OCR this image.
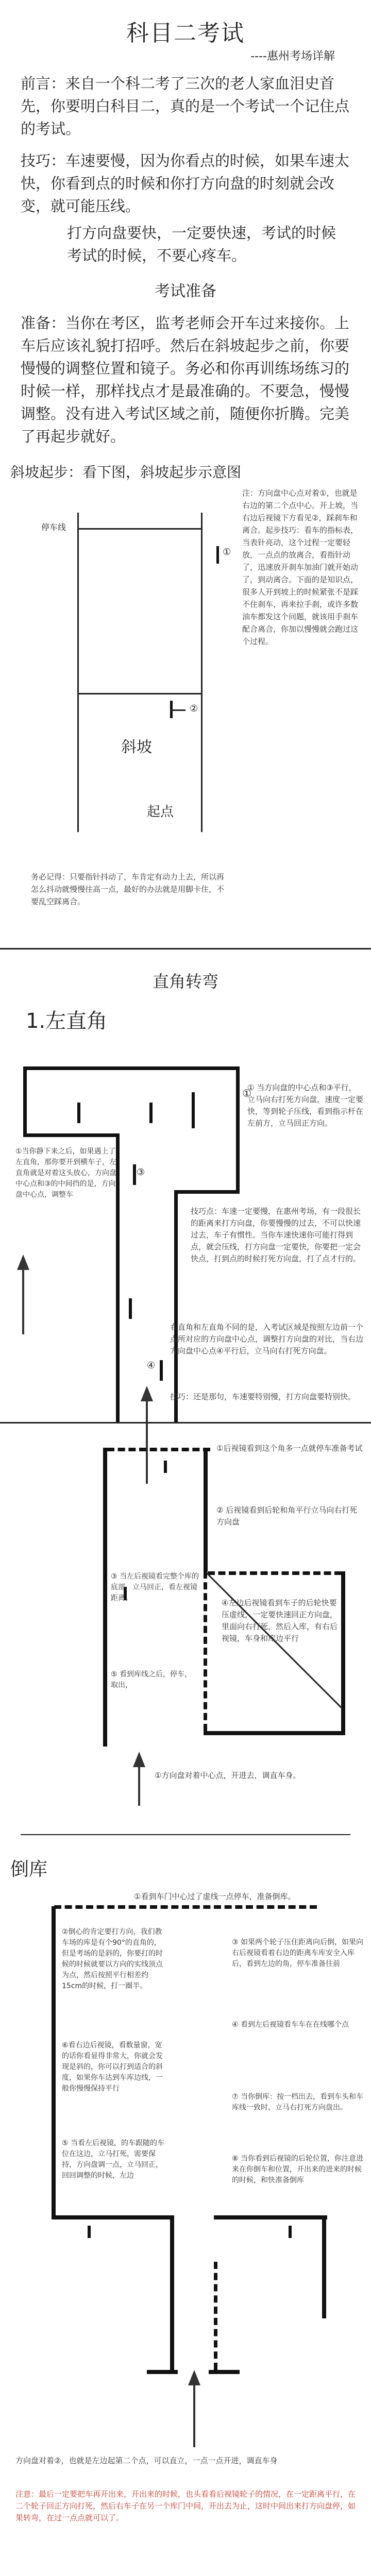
科目二考试
----惠州考场详解
前言：来自一个科二考了三次的老人家血泪史首先，你要明白科目二，真的是一个考试一个记住点的考试。
技巧：车速要慢，因为你看点的时候，如果车速太快，你看到点的时候和你打方向盘的时刻就会改变，就可能压线。
打方向盘要快，一定要快速，考试的时候考试的时候，不要心疼车。
考试准备
准备：当你在考区，监考老师会开车过来接你。上车后应该礼貌打招呼。然后在斜坡起步之前，你要慢慢的调整位置和镜子。务必和你再训练场练习的时候一样，那样找点才是最准确的。不要急，慢慢调整。没有进入考试区域之前，随便你折腾。完美了再起步就好。
斜坡起步：看下图，斜坡起步示意图
停车线
①
②
斜坡
起点
注：方向盘中心点对着①，也就是右边的第二个点中心。开上坡，当右边后视镜下方看见②，踩刹车和离合。起步技巧：看车的指标表，当表针亮动，这个过程一定要轻放，一点点的放离合，看指针动了，迅速放开刹车加油门就开始动了，到动离合。下面的是知识点，很多人开到坡上的时候紧张不是踩不住刹车，再来拉手刹，或许多数油车都发这个问题，就该用手刹车配合离合，你加以慢慢就会跑过这个过程。
务必记得：只要指针抖动了，车肯定有动力上去，所以再怎么抖动就慢慢往高一点，最好的办法就是用脚卡住，不要乱空踩离合。
直角转弯
1.左直角
①
③
④
① 当方向盘的中心点和③平行，立马向右打死方向盘，速度一定要快，等到轮子压线，看到指示杆在左前方，立马回正方向。
①当你静下来之后，如果遇上了左直角，那你要开到横车子，左直角就是对着这头放心，方向盘中心点和③的中间挡的是，方向盘中心点，调整车
技巧点：车速一定要慢，在惠州考场，有一段很长的距离来打方向盘，你要慢慢的过去，不可以快速过去，车子有惯性。当你车速快速你可能打得到点，就会压线，打方向盘一定要快，你要把一定会快点，打到点的时候打死方向盘，打了点才行的。
右直角和左直角不同的是，入考试区域是按照左边前一个点所对应的方向盘中心点，调整打方向盘的对比，当右边方向盘中心点④平行后，立马向右打死方向盘。
技巧：还是那句，车速要特别慢，打方向盘要特别快。
①后视镜看到这个角多一点就停车准备考试
② 后视镜看到后轮和角平行立马向右打死方向盘
③ 当左后视镜看完整个库的底部，立马回正，看左视镜距离。	④左边后视镜看到车子的后轮快要压虚线，一定要快速回正方向盘，里面向右打死，然后入库，有右后视镜，车身和库边平行
⑤ 看到库线之后，停车，取出，
①方向盘对着中心点，开进去，调直车身。
倒库
①看到车门中心过了虚线一点停车，准备倒库。
②倒心的肯定要打方向，我们教车场的库是有个90°的直角的，但是考场的是斜的，你要打的时候的时候就要以方向的实线顶点为点，然后按照平行相差约15cm的时候，打一圈半。
⑥看右边后视镜，看数量窗，宽的话你看显得非常大，你就会发现是斜的，你可以打到适合的斜度，如果你车达到车库边线，一般你慢慢保持平行
⑤ 当看左后视镜，的车跟随的车位在这边，立马打死，需要保持，方向盘调一点，立马回正，回回调整的时候，左边
③ 如果两个轮子压住距离向后倒，如果向右后视镜看着右边的距离车库安全入库后，看到左边的角，停车准备往前
④ 看到左后视镜看车车在在线哪个点
⑦ 当你倒库：按一档出去，看到车头和车库线一致时，立马右打死方向盘出。
⑧ 当你看到后视镜的后轮位置，你注意进来在你倒车和位置，开出来的进来的时候的时候，和快准备倒库
方向盘对着②，也就是左边起第二个点，可以直立，一点一点开进，调直车身
注意：最后一定要把车再开出来，开出来的时候，也头看看后视镜轮子的情况，在一定距离平行，在二个轮子回正方向打死，然后右车子在另一个库门中间，开出去为止，这时中间出来打方向盘停，如果转弯，在过一点点就可以了。
